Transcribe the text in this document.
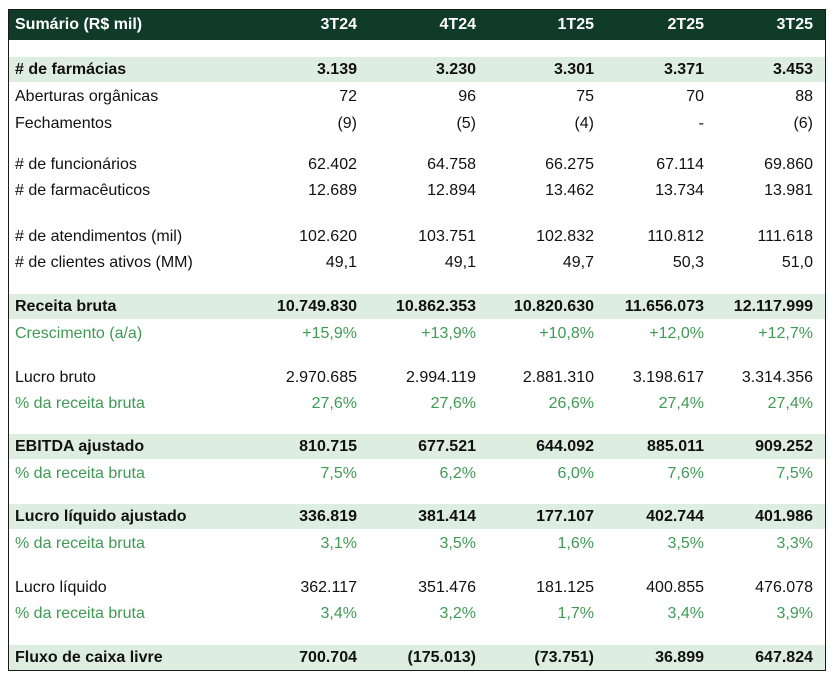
Sumário (R$ mil)	3T24	4T24	1T25	2T25	3T25
# de farmácias	3.139	3.230	3.301	3.371	3.453
Aberturas orgânicas	72	96	75	70	88
Fechamentos	(9)	(5)	(4)	-	(6)
# de funcionários	62.402	64.758	66.275	67.114	69.860
# de farmacêuticos	12.689	12.894	13.462	13.734	13.981
# de atendimentos (mil)	102.620	103.751	102.832	110.812	111.618
# de clientes ativos (MM)	49,1	49,1	49,7	50,3	51,0
Receita bruta	10.749.830 10.862.353 10.820.630 11.656.073 12.117.999
Crescimento (a/a)	+15,9%	+13,9%	+10,8%	+12,0%	+12,7%
Lucro bruto	2.970.685	2.994.119	2.881.310 3.198.617 3.314.356
% da receita bruta	27,6%	27,6%	26,6%	27,4%	27,4%
EBITDA ajustado	810.715	677.521	644.092	885.011	909.252
% da receita bruta	7,5%	6,2%	6,0%	7,6%	7,5%
Lucro líquido ajustado	336.819	381.414	177.107	402.744	401.986
% da receita bruta	3,1%	3,5%	1,6%	3,5%	3,3%
Lucro líquido	362.117	351.476	181.125	400.855	476.078
% da receita bruta	3,4%	3,2%	1,7%	3,4%	3,9%
Fluxo de caixa livre	700.704	(175.013)	(73.751)	36.899	647.824
